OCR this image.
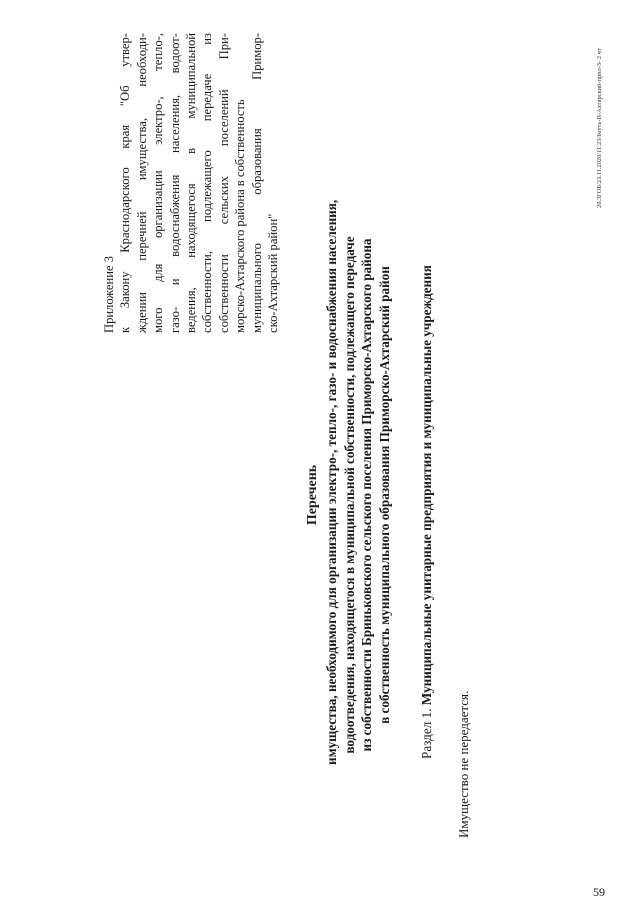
Приложение 3 к Закону Краснодарского края "Об утвер- ждении перечней имущества, необходи- мого для организации электро-, тепло-, газо- и водоснабжения населения, водоот- ведения, находящегося в муниципальной собственности, подлежащего передаче из собственности сельских поселений При- морско-Ахтарского района в собственность муниципального образования Примор- ско-Ахтарский район"
Перечень имущества, необходимого для организации электро-, тепло-, газо- и водоснабжения населения, водоотведения, находящегося в муниципальной собственности, подлежащего передаче из собственности Бриньковского сельского поселения Приморско-Ахтарского района в собственность муниципального образования Приморско-Ахтарский район
Раздел 1. Муниципальные унитарные предприятия и муниципальные учреждения
Имущество не передается.
20.3ГОБ/23.11.2020/11:23/Імуть-П-Ахтарский-прил-3- 2 чт
59
